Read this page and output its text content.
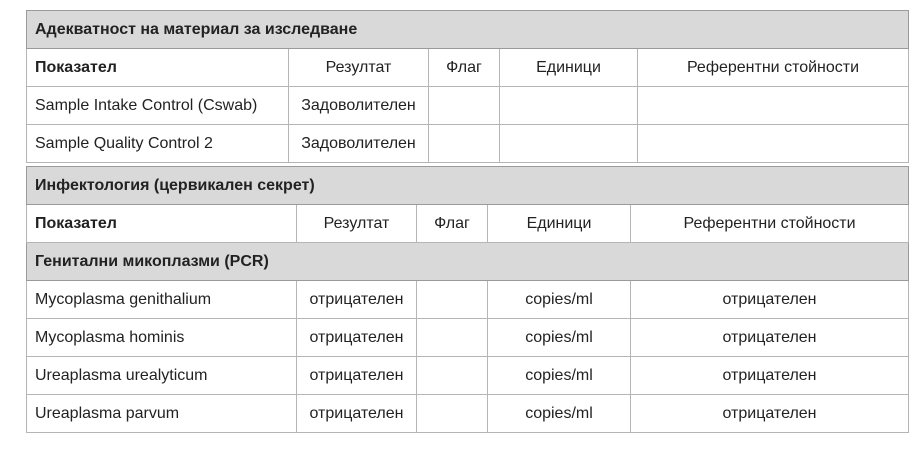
Адекватност на материал за изследване				
Показател	Резултат	Флаг	Единици	Референтни стойности
Sample Intake Control (Cswab)	Задоволителен			
Sample Quality Control 2	Задоволителен			
Инфектология (цервикален секрет)				
Показател	Резултат	Флаг	Единици	Референтни стойности
Генитални микоплазми (PCR)				
Mycoplasma genithalium	отрицателен		copies/ml	отрицателен
Mycoplasma hominis	отрицателен		copies/ml	отрицателен
Ureaplasma urealyticum	отрицателен		copies/ml	отрицателен
Ureaplasma parvum	отрицателен		copies/ml	отрицателен
